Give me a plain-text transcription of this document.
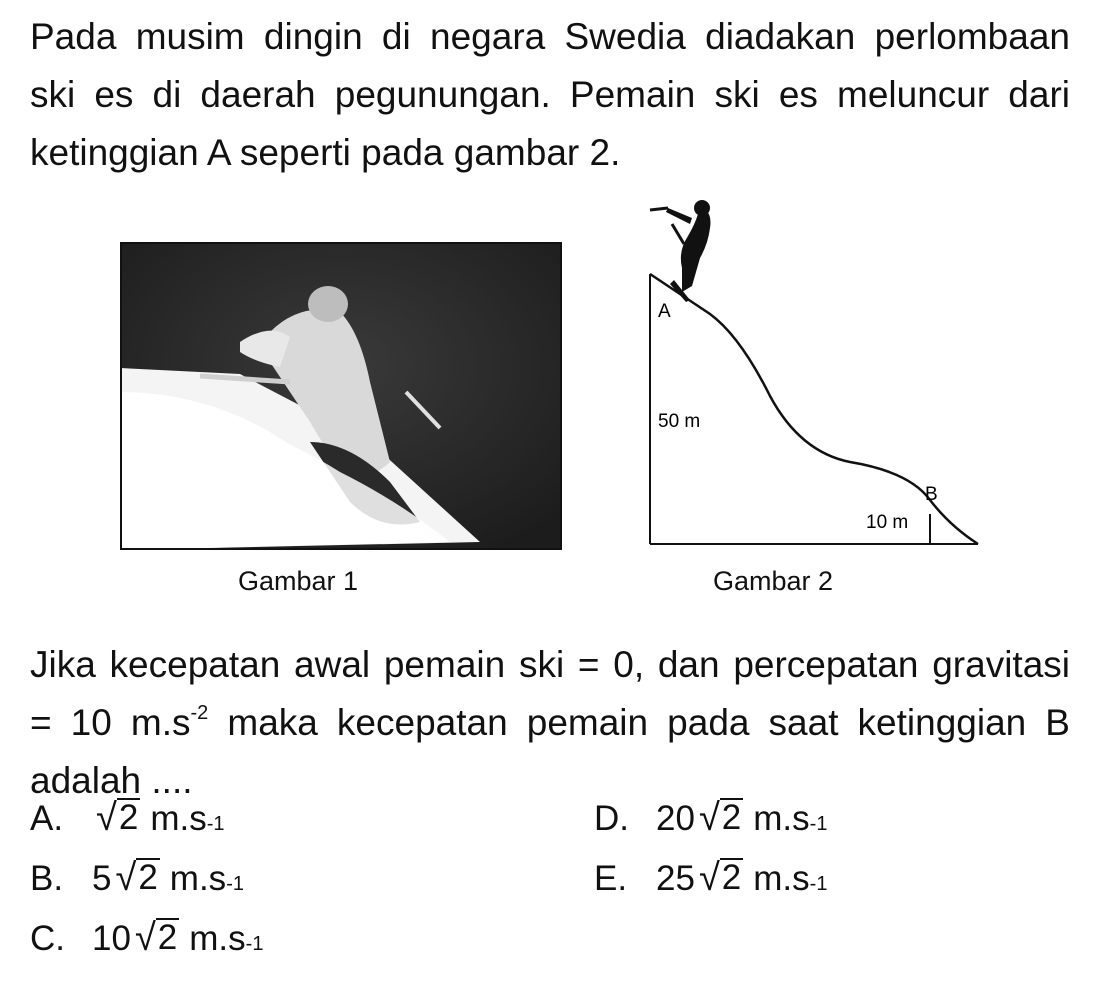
Pada musim dingin di negara Swedia diadakan perlombaan
ski es di daerah pegunungan. Pemain ski es meluncur dari
ketinggian A seperti pada gambar 2.
Gambar 1
A
50 m
B
10 m
Gambar 2
Jika kecepatan awal pemain ski = 0, dan percepatan gravitasi
= 10 $m.s^{-2}$ maka kecepatan pemain pada saat ketinggian B
adalah ....
A. √ 2 m.s -1
B. 5 √ 2 m.s -1
C. 10 √ 2 m.s -1
D. 20 √ 2 m.s -1
E. 25 √ 2 m.s -1
